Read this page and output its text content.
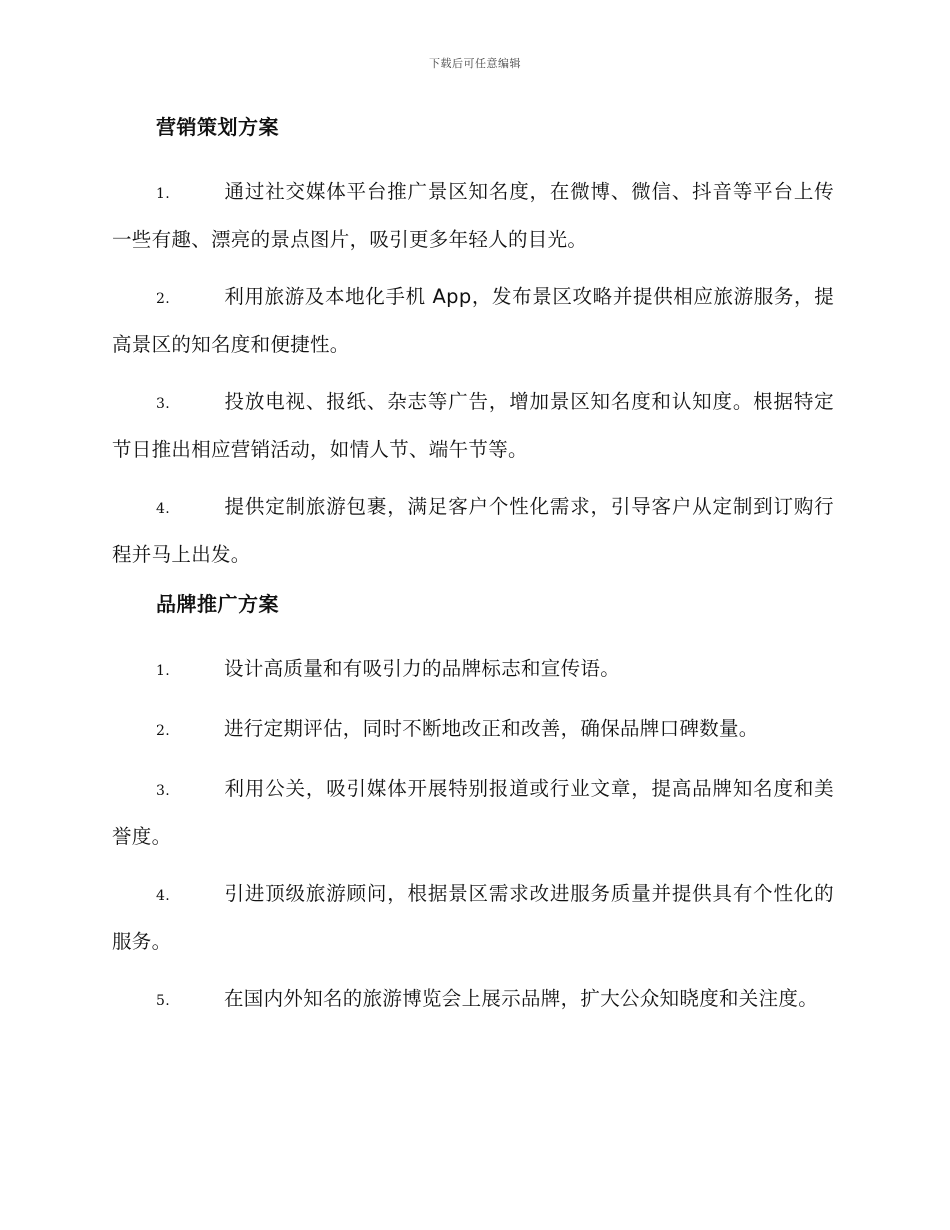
下载后可任意编辑
营销策划方案

1.	通过社交媒体平台推广景区知名度，在微博、微信、抖音等平台上传一些有趣、漂亮的景点图片，吸引更多年轻人的目光。

2.	利用旅游及本地化手机 App，发布景区攻略并提供相应旅游服务，提高景区的知名度和便捷性。

3.	投放电视、报纸、杂志等广告，增加景区知名度和认知度。根据特定节日推出相应营销活动，如情人节、端午节等。

4.	提供定制旅游包裹，满足客户个性化需求，引导客户从定制到订购行程并马上出发。

品牌推广方案

1.	设计高质量和有吸引力的品牌标志和宣传语。

2.	进行定期评估，同时不断地改正和改善，确保品牌口碑数量。

3.	利用公关，吸引媒体开展特别报道或行业文章，提高品牌知名度和美誉度。

4.	引进顶级旅游顾问，根据景区需求改进服务质量并提供具有个性化的服务。

5.	在国内外知名的旅游博览会上展示品牌，扩大公众知晓度和关注度。
